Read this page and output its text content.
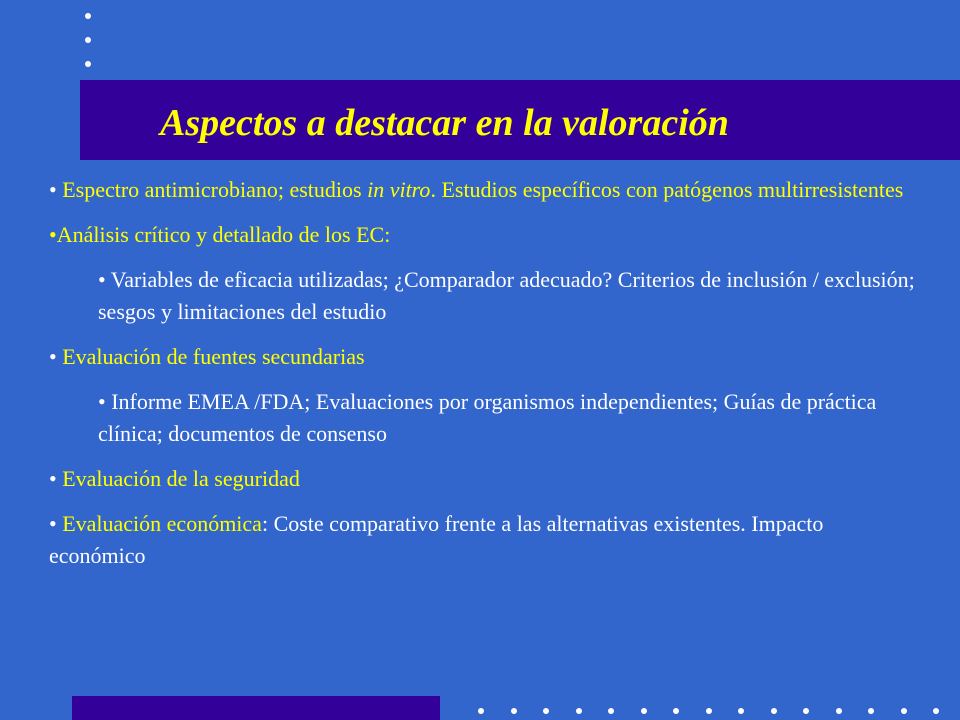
Aspectos a destacar en la valoración
• Espectro antimicrobiano; estudios in vitro. Estudios específicos con patógenos multirresistentes
•Análisis crítico y detallado de los EC:
• Variables de eficacia utilizadas; ¿Comparador adecuado? Criterios de inclusión / exclusión; sesgos y limitaciones del estudio
• Evaluación de fuentes secundarias
• Informe EMEA /FDA; Evaluaciones por organismos independientes; Guías de práctica clínica; documentos de consenso
• Evaluación de la seguridad
• Evaluación económica: Coste comparativo frente a las alternativas existentes. Impacto económico
